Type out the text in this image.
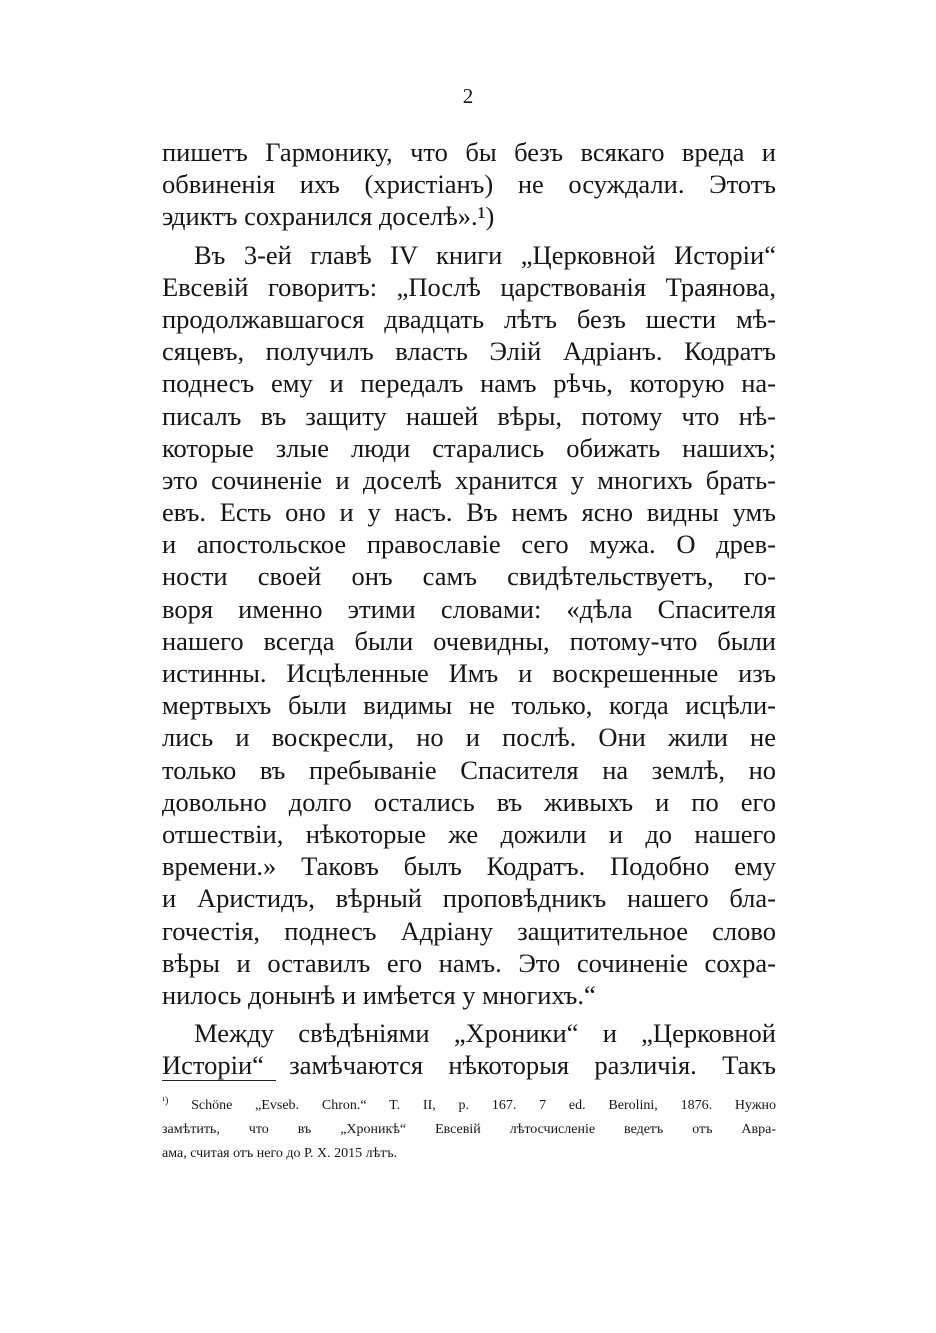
2
пишетъ Гармонику, что бы безъ всякаго вреда и
обвиненія ихъ (христіанъ) не осуждали. Этотъ
эдиктъ сохранился доселѣ».¹)
Въ 3-ей главѣ IV книги „Церковной Исторіи“
Евсевій говоритъ: „Послѣ царствованія Траянова,
продолжавшагося двадцать лѣтъ безъ шести мѣ-
сяцевъ, получилъ власть Элій Адріанъ. Кодратъ
поднесъ ему и передалъ намъ рѣчь, которую на-
писалъ въ защиту нашей вѣры, потому что нѣ-
которые злые люди старались обижать нашихъ;
это сочиненіе и доселѣ хранится у многихъ брать-
евъ. Есть оно и у насъ. Въ немъ ясно видны умъ
и апостольское православіе сего мужа. О древ-
ности своей онъ самъ свидѣтельствуетъ, го-
воря именно этими словами: «дѣла Спасителя
нашего всегда были очевидны, потому-что были
истинны. Исцѣленные Имъ и воскрешенные изъ
мертвыхъ были видимы не только, когда исцѣли-
лись и воскресли, но и послѣ. Они жили не
только въ пребываніе Спасителя на землѣ, но
довольно долго остались въ живыхъ и по его
отшествіи, нѣкоторые же дожили и до нашего
времени.» Таковъ былъ Кодратъ. Подобно ему
и Аристидъ, вѣрный проповѣдникъ нашего бла-
гочестія, поднесъ Адріану защитительное слово
вѣры и оставилъ его намъ. Это сочиненіе сохра-
нилось донынѣ и имѣется у многихъ.“
Между свѣдѣніями „Хроники“ и „Церковной
Исторіи“ замѣчаются нѣкоторыя различія. Такъ
$^{^1)}$ Schöne „Evseb. Chron.“ T. II, p. 167. 7 ed. Berolini, 1876. Нужно
замѣтить, что въ „Хроникѣ“ Евсевій лѣтосчисленіе ведетъ отъ Авра-
ама, считая отъ него до Р. X. 2015 лѣтъ.
